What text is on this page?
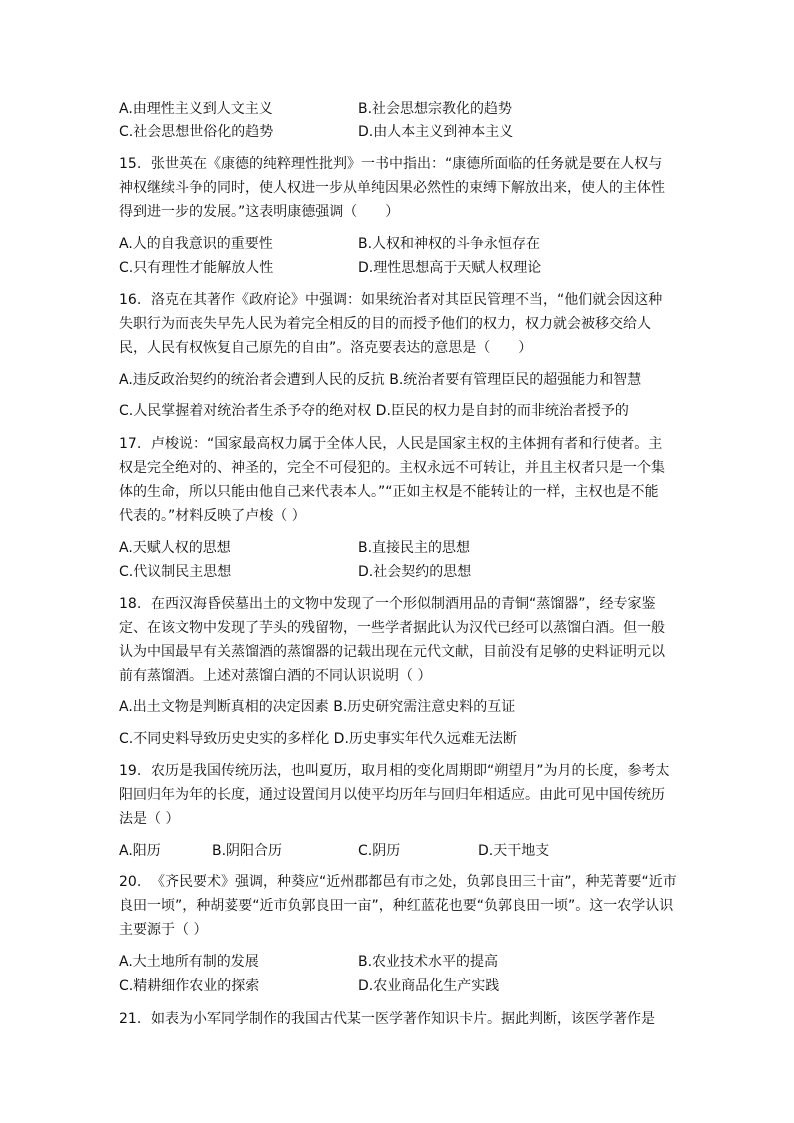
A.由理性主义到人文主义	B.社会思想宗教化的趋势
C.社会思想世俗化的趋势	D.由人本主义到神本主义
15. 张世英在《康德的纯粹理性批判》一书中指出：“康德所面临的任务就是要在人权与
神权继续斗争的同时，使人权进一步从单纯因果必然性的束缚下解放出来，使人的主体性
得到进一步的发展。”这表明康德强调（　　）
A.人的自我意识的重要性	B.人权和神权的斗争永恒存在
C.只有理性才能解放人性	D.理性思想高于天赋人权理论
16. 洛克在其著作《政府论》中强调：如果统治者对其臣民管理不当，“他们就会因这种
失职行为而丧失早先人民为着完全相反的目的而授予他们的权力，权力就会被移交给人
民，人民有权恢复自己原先的自由”。洛克要表达的意思是（　　）
A.违反政治契约的统治者会遭到人民的反抗 B.统治者要有管理臣民的超强能力和智慧
C.人民掌握着对统治者生杀予夺的绝对权 D.臣民的权力是自封的而非统治者授予的
17. 卢梭说：“国家最高权力属于全体人民，人民是国家主权的主体拥有者和行使者。主
权是完全绝对的、神圣的，完全不可侵犯的。主权永远不可转让，并且主权者只是一个集
体的生命，所以只能由他自己来代表本人。”“正如主权是不能转让的一样，主权也是不能
代表的。”材料反映了卢梭（ ）
A.天赋人权的思想	B.直接民主的思想
C.代议制民主思想	D.社会契约的思想
18. 在西汉海昏侯墓出土的文物中发现了一个形似制酒用品的青铜“蒸馏器”，经专家鉴
定、在该文物中发现了芋头的残留物，一些学者据此认为汉代已经可以蒸馏白酒。但一般
认为中国最早有关蒸馏酒的蒸馏器的记载出现在元代文献，目前没有足够的史料证明元以
前有蒸馏酒。上述对蒸馏白酒的不同认识说明（ ）
A.出土文物是判断真相的决定因素 B.历史研究需注意史料的互证
C.不同史料导致历史史实的多样化 D.历史事实年代久远难无法断
19. 农历是我国传统历法，也叫夏历，取月相的变化周期即“朔望月”为月的长度，参考太
阳回归年为年的长度，通过设置闰月以使平均历年与回归年相适应。由此可见中国传统历
法是（ ）
A.阳历	B.阴阳合历	C.阴历	D.天干地支
20. 《齐民要术》强调，种葵应“近州郡都邑有市之处，负郭良田三十亩”，种芜菁要“近市
良田一顷”，种胡荽要“近市负郭良田一亩”，种红蓝花也要“负郭良田一顷”。这一农学认识
主要源于（ ）
A.大土地所有制的发展	B.农业技术水平的提高
C.精耕细作农业的探索	D.农业商品化生产实践
21. 如表为小军同学制作的我国古代某一医学著作知识卡片。据此判断，该医学著作是
